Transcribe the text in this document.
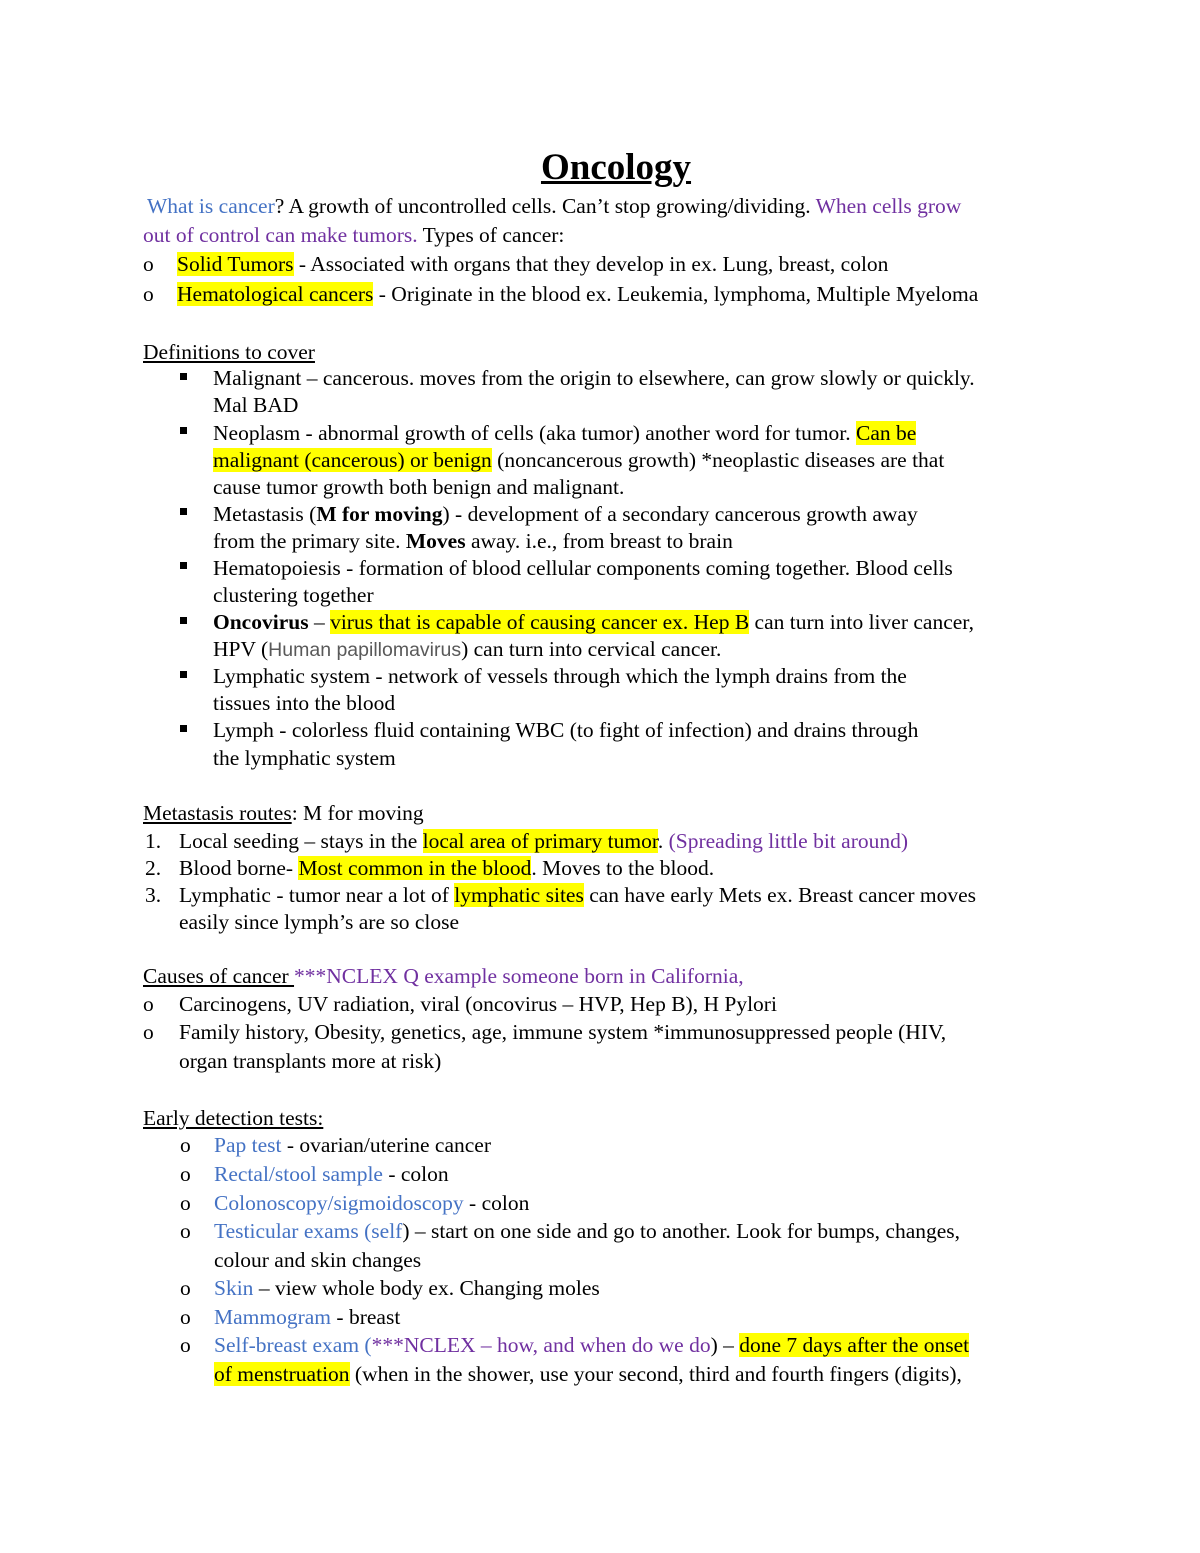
Oncology
What is cancer? A growth of uncontrolled cells. Can’t stop growing/dividing. When cells grow
out of control can make tumors. Types of cancer:
o Solid Tumors - Associated with organs that they develop in ex. Lung, breast, colon
o Hematological cancers - Originate in the blood ex. Leukemia, lymphoma, Multiple Myeloma
Definitions to cover
Malignant – cancerous. moves from the origin to elsewhere, can grow slowly or quickly.
Mal BAD
Neoplasm - abnormal growth of cells (aka tumor) another word for tumor. Can be
malignant (cancerous) or benign (noncancerous growth) *neoplastic diseases are that
cause tumor growth both benign and malignant.
Metastasis (M for moving) - development of a secondary cancerous growth away
from the primary site. Moves away. i.e., from breast to brain
Hematopoiesis - formation of blood cellular components coming together. Blood cells
clustering together
Oncovirus – virus that is capable of causing cancer ex. Hep B can turn into liver cancer,
HPV (Human papillomavirus) can turn into cervical cancer.
Lymphatic system - network of vessels through which the lymph drains from the
tissues into the blood
Lymph - colorless fluid containing WBC (to fight of infection) and drains through
the lymphatic system
Metastasis routes: M for moving
1. Local seeding – stays in the local area of primary tumor. (Spreading little bit around)
2. Blood borne- Most common in the blood. Moves to the blood.
3. Lymphatic - tumor near a lot of lymphatic sites can have early Mets ex. Breast cancer moves
easily since lymph’s are so close
Causes of cancer ***NCLEX Q example someone born in California,
o Carcinogens, UV radiation, viral (oncovirus – HVP, Hep B), H Pylori
o Family history, Obesity, genetics, age, immune system *immunosuppressed people (HIV,
organ transplants more at risk)
Early detection tests:
o Pap test - ovarian/uterine cancer
o Rectal/stool sample - colon
o Colonoscopy/sigmoidoscopy - colon
o Testicular exams (self) – start on one side and go to another. Look for bumps, changes,
colour and skin changes
o Skin – view whole body ex. Changing moles
o Mammogram - breast
o Self-breast exam (***NCLEX – how, and when do we do) – done 7 days after the onset
of menstruation (when in the shower, use your second, third and fourth fingers (digits),
